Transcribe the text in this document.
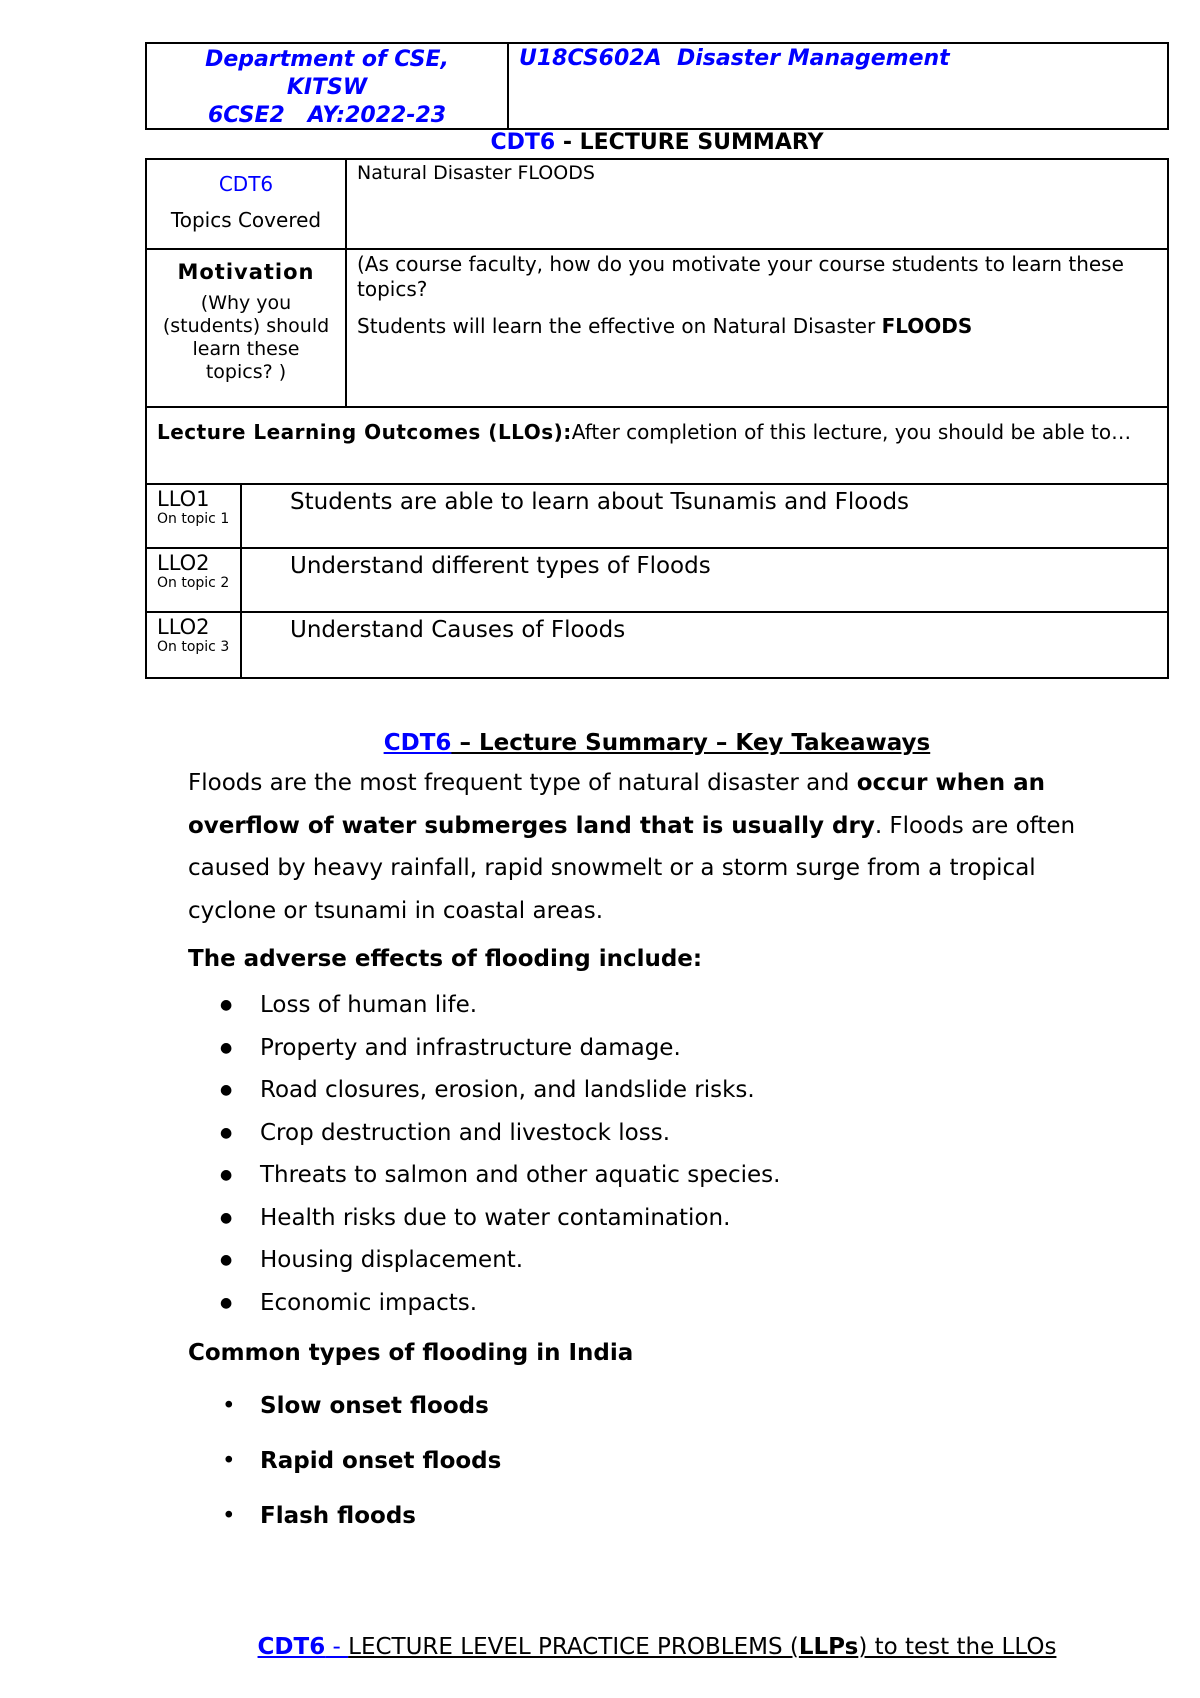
Department of CSE,
KITSW
6CSE2   AY:2022-23
U18CS602A  Disaster Management
CDT6 - LECTURE SUMMARY
CDT6
Topics Covered
Natural Disaster FLOODS
Motivation
(Why you (students) should learn these topics? )
(As course faculty, how do you motivate your course students to learn these topics?
Students will learn the effective on Natural Disaster FLOODS
Lecture Learning Outcomes (LLOs):After completion of this lecture, you should be able to…
LLO1
On topic 1
Students are able to learn about Tsunamis and Floods
LLO2
On topic 2
Understand different types of Floods
LLO2
On topic 3
Understand Causes of Floods
CDT6 – Lecture Summary – Key Takeaways
Floods are the most frequent type of natural disaster and occur when an overflow of water submerges land that is usually dry. Floods are often caused by heavy rainfall, rapid snowmelt or a storm surge from a tropical cyclone or tsunami in coastal areas.
The adverse effects of flooding include:
● Loss of human life.
● Property and infrastructure damage.
● Road closures, erosion, and landslide risks.
● Crop destruction and livestock loss.
● Threats to salmon and other aquatic species.
● Health risks due to water contamination.
● Housing displacement.
● Economic impacts.
Common types of flooding in India
• Slow onset floods
• Rapid onset floods
• Flash floods
CDT6 - LECTURE LEVEL PRACTICE PROBLEMS (LLPs) to test the LLOs
